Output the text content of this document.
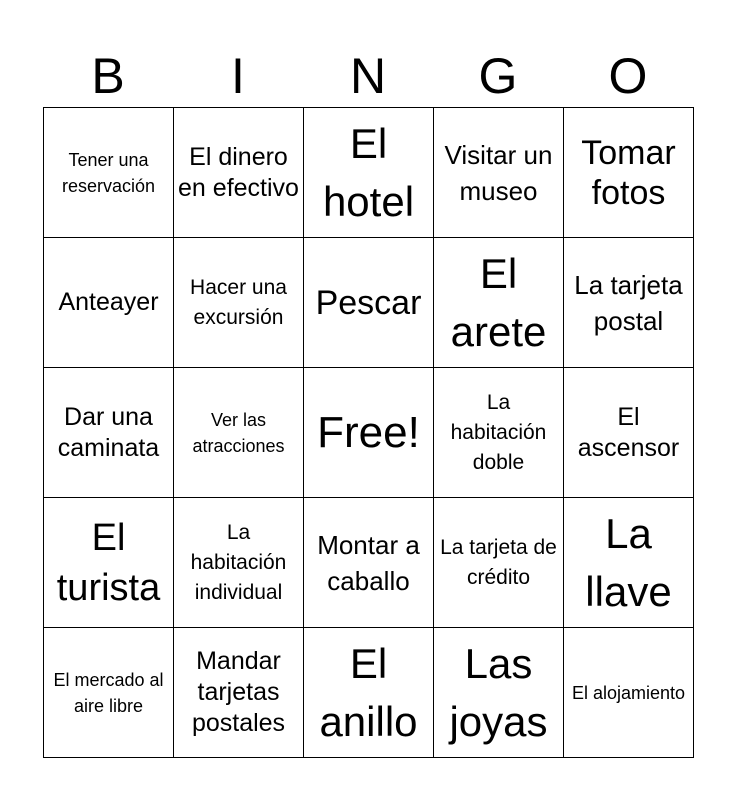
B	I	N	G	O
Tener una reservación	El dinero en efectivo	El hotel	Visitar un museo	Tomar fotos
Anteayer	Hacer una excursión	Pescar	El arete	La tarjeta postal
Dar una caminata	Ver las atracciones	Free!	La habitación doble	El ascensor
El turista	La habitación individual	Montar a caballo	La tarjeta de crédito	La llave
El mercado al aire libre	Mandar tarjetas postales	El anillo	Las joyas	El alojamiento
